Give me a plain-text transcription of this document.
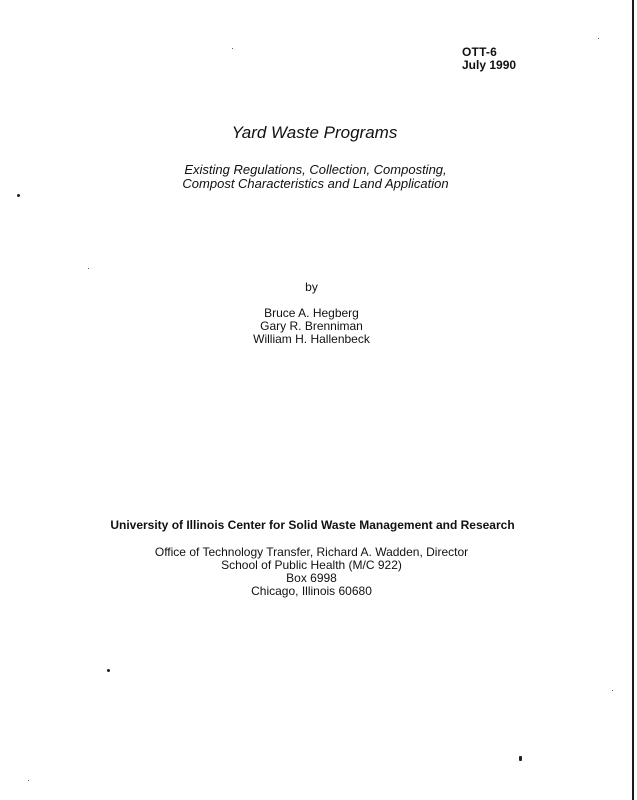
OTT-6
July 1990
Yard Waste Programs
Existing Regulations, Collection, Composting,
Compost Characteristics and Land Application
by
Bruce A. Hegberg
Gary R. Brenniman
William H. Hallenbeck
University of Illinois Center for Solid Waste Management and Research
Office of Technology Transfer, Richard A. Wadden, Director
School of Public Health (M/C 922)
Box 6998
Chicago, Illinois 60680
